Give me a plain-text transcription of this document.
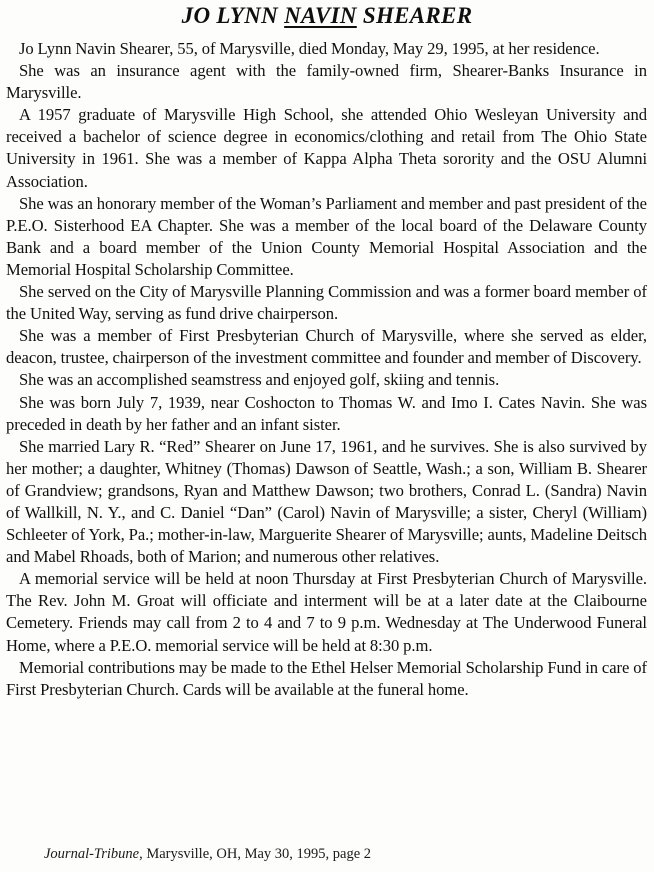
JO LYNN NAVIN SHEARER

Jo Lynn Navin Shearer, 55, of Marysville, died Monday, May 29, 1995, at her residence.

She was an insurance agent with the family-owned firm, Shearer-Banks Insurance in Marysville.

A 1957 graduate of Marysville High School, she attended Ohio Wesleyan University and received a bachelor of science degree in economics/clothing and retail from The Ohio State University in 1961. She was a member of Kappa Alpha Theta sorority and the OSU Alumni Association.

She was an honorary member of the Woman’s Parliament and member and past president of the P.E.O. Sisterhood EA Chapter. She was a member of the local board of the Delaware County Bank and a board member of the Union County Memorial Hospital Association and the Memorial Hospital Scholarship Committee.

She served on the City of Marysville Planning Commission and was a former board member of the United Way, serving as fund drive chairperson.

She was a member of First Presbyterian Church of Marysville, where she served as elder, deacon, trustee, chairperson of the investment committee and founder and member of Discovery.

She was an accomplished seamstress and enjoyed golf, skiing and tennis.

She was born July 7, 1939, near Coshocton to Thomas W. and Imo I. Cates Navin. She was preceded in death by her father and an infant sister.

She married Lary R. “Red” Shearer on June 17, 1961, and he survives. She is also survived by her mother; a daughter, Whitney (Thomas) Dawson of Seattle, Wash.; a son, William B. Shearer of Grandview; grandsons, Ryan and Matthew Dawson; two brothers, Conrad L. (Sandra) Navin of Wallkill, N. Y., and C. Daniel “Dan” (Carol) Navin of Marysville; a sister, Cheryl (William) Schleeter of York, Pa.; mother-in-law, Marguerite Shearer of Marysville; aunts, Madeline Deitsch and Mabel Rhoads, both of Marion; and numerous other relatives.

A memorial service will be held at noon Thursday at First Presbyterian Church of Marysville. The Rev. John M. Groat will officiate and interment will be at a later date at the Claibourne Cemetery. Friends may call from 2 to 4 and 7 to 9 p.m. Wednesday at The Underwood Funeral Home, where a P.E.O. memorial service will be held at 8:30 p.m.

Memorial contributions may be made to the Ethel Helser Memorial Scholarship Fund in care of First Presbyterian Church. Cards will be available at the funeral home.

Journal-Tribune, Marysville, OH, May 30, 1995, page 2
